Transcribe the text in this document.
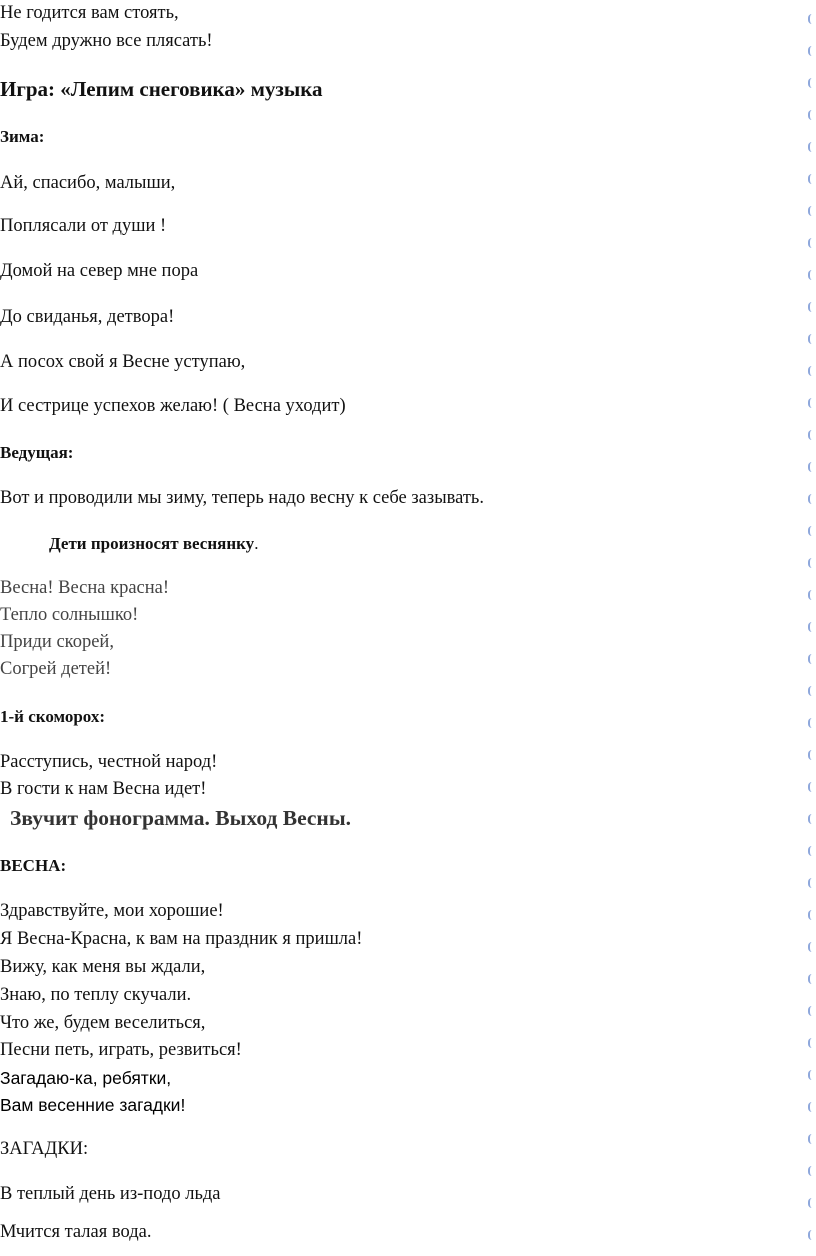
Не годится вам стоять,
Будем дружно все плясать!
Игра: «Лепим снеговика» музыка
Зима:
Ай, спасибо, малыши,
Поплясали от души !
Домой на север мне пора
До свиданья, детвора!
А посох свой я Весне уступаю,
И сестрице успехов желаю! ( Весна уходит)
Ведущая:
Вот и проводили мы зиму, теперь надо весну к себе зазывать.
Дети произносят веснянку.
Весна! Весна красна!
Тепло солнышко!
Приди скорей,
Согрей детей!
1-й скоморох:
Расступись, честной народ!
В гости к нам Весна идет!
Звучит фонограмма. Выход Весны.
ВЕСНА:
Здравствуйте, мои хорошие!
Я Весна-Красна, к вам на праздник я пришла!
Вижу, как меня вы ждали,
Знаю, по теплу скучали.
Что же, будем веселиться,
Песни петь, играть, резвиться!
Загадаю-ка, ребятки,
Вам весенние загадки!
ЗАГАДКИ:
В теплый день из-подо льда
Мчится талая вода.
